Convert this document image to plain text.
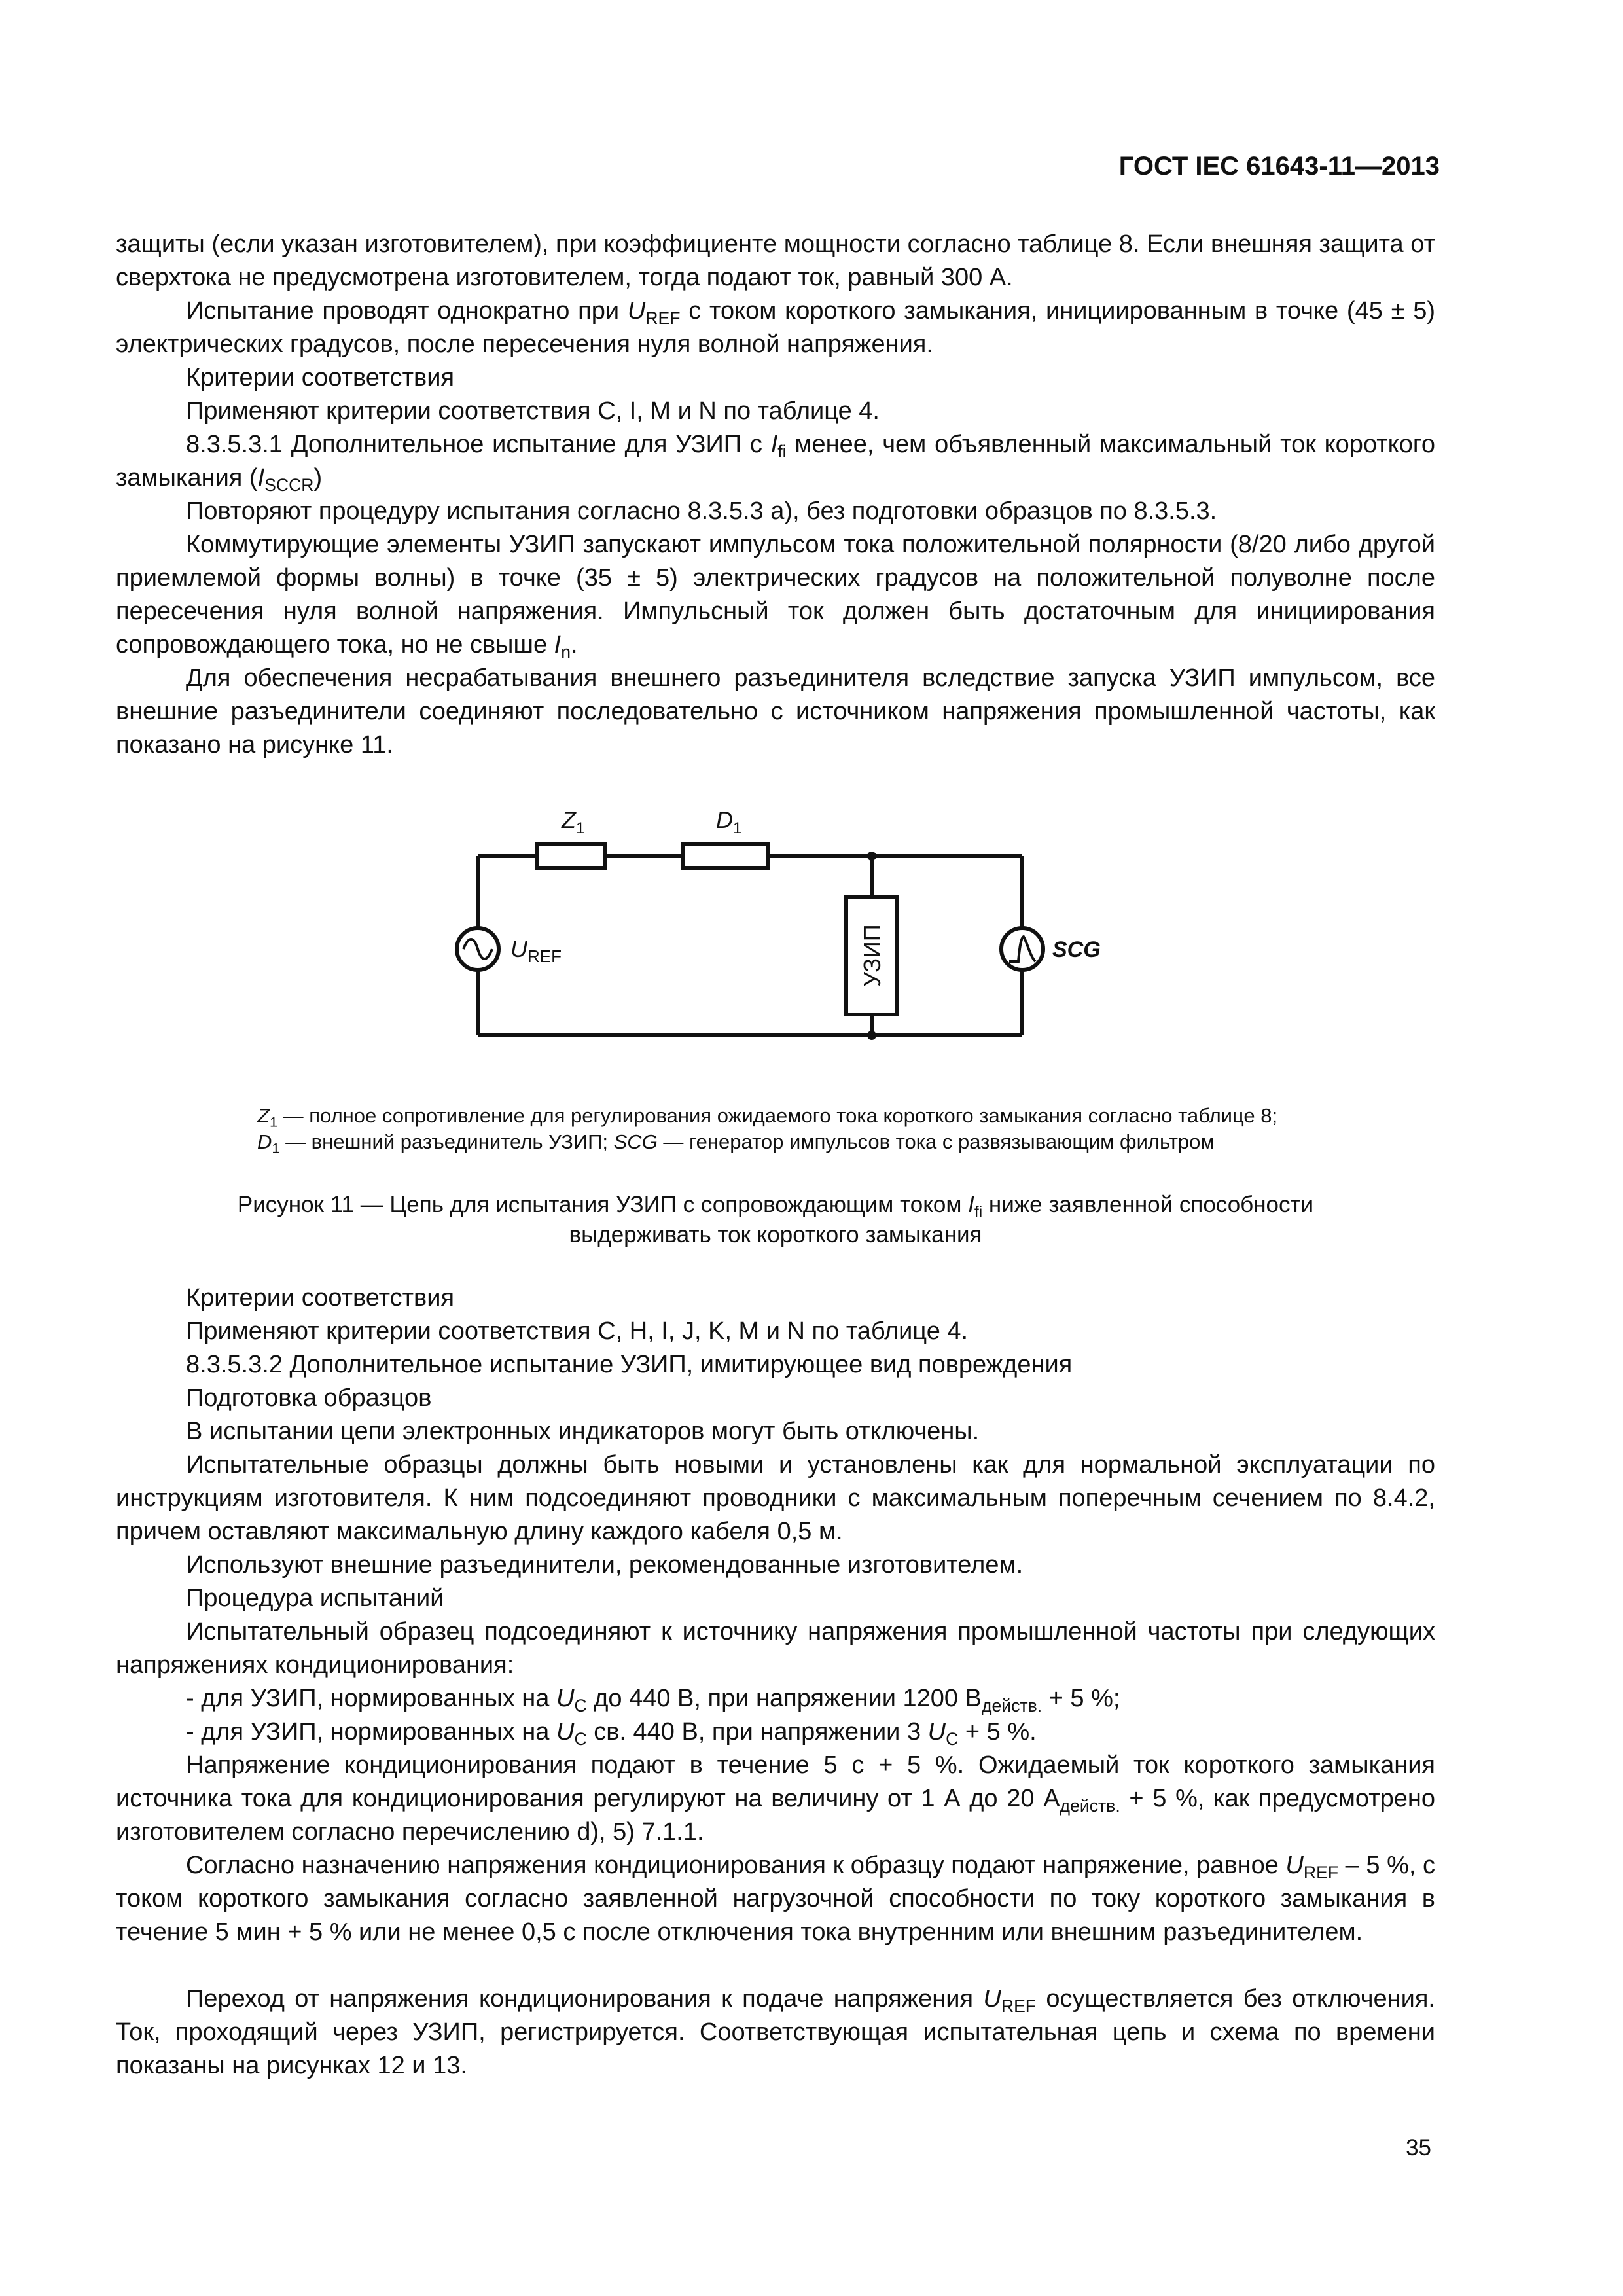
ГОСТ IEC 61643-11—2013
защиты (если указан изготовителем), при коэффициенте мощности согласно таблице 8. Если внешняя защита от сверхтока не предусмотрена изготовителем, тогда подают ток, равный 300 А.
Испытание проводят однократно при $U_{REF}$ с током короткого замыкания, инициированным в точке (45 ± 5) электрических градусов, после пересечения нуля волной напряжения.
Критерии соответствия
Применяют критерии соответствия C, I, M и N по таблице 4.
8.3.5.3.1 Дополнительное испытание для УЗИП с $I_{fi}$ менее, чем объявленный максимальный ток короткого замыкания $(I_{SCCR})$
Повторяют процедуру испытания согласно 8.3.5.3 а), без подготовки образцов по 8.3.5.3.
Коммутирующие элементы УЗИП запускают импульсом тока положительной полярности (8/20 либо другой приемлемой формы волны) в точке (35 ± 5) электрических градусов на положительной полуволне после пересечения нуля волной напряжения. Импульсный ток должен быть достаточным для инициирования сопровождающего тока, но не свыше $I_n$.
Для обеспечения несрабатывания внешнего разъединителя вследствие запуска УЗИП импульсом, все внешние разъединители соединяют последовательно с источником напряжения промышленной частоты, как показано на рисунке 11.
$Z_1$	$D_1$
$U_{REF}$	УЗИП	SCG
$Z_1$ — полное сопротивление для регулирования ожидаемого тока короткого замыкания согласно таблице 8;
$D_1$ — внешний разъединитель УЗИП; SCG — генератор импульсов тока с развязывающим фильтром
Рисунок 11 — Цепь для испытания УЗИП с сопровождающим током $I_{fi}$ ниже заявленной способности
выдерживать ток короткого замыкания
Критерии соответствия
Применяют критерии соответствия C, H, I, J, K, M и N по таблице 4.
8.3.5.3.2 Дополнительное испытание УЗИП, имитирующее вид повреждения
Подготовка образцов
В испытании цепи электронных индикаторов могут быть отключены.
Испытательные образцы должны быть новыми и установлены как для нормальной эксплуатации по инструкциям изготовителя. К ним подсоединяют проводники с максимальным поперечным сечением по 8.4.2, причем оставляют максимальную длину каждого кабеля 0,5 м.
Используют внешние разъединители, рекомендованные изготовителем.
Процедура испытаний
Испытательный образец подсоединяют к источнику напряжения промышленной частоты при следующих напряжениях кондиционирования:
- для УЗИП, нормированных на $U_C$ до 440 В, при напряжении 1200 $В_{действ.} + 5$ %;
- для УЗИП, нормированных на $U_C$ св. 440 В, при напряжении 3 $U_C + 5$ %.
Напряжение кондиционирования подают в течение 5 с + 5 %. Ожидаемый ток короткого замыкания источника тока для кондиционирования регулируют на величину от 1 А до 20 $А_{действ.} + 5$ %, как предусмотрено изготовителем согласно перечислению d), 5) 7.1.1.
Согласно назначению напряжения кондиционирования к образцу подают напряжение, равное $U_{REF} - 5$ %, с током короткого замыкания согласно заявленной нагрузочной способности по току короткого замыкания в течение 5 мин + 5 % или не менее 0,5 с после отключения тока внутренним или внешним разъединителем.
Переход от напряжения кондиционирования к подаче напряжения $U_{REF}$ осуществляется без отключения. Ток, проходящий через УЗИП, регистрируется. Соответствующая испытательная цепь и схема по времени показаны на рисунках 12 и 13.
35
